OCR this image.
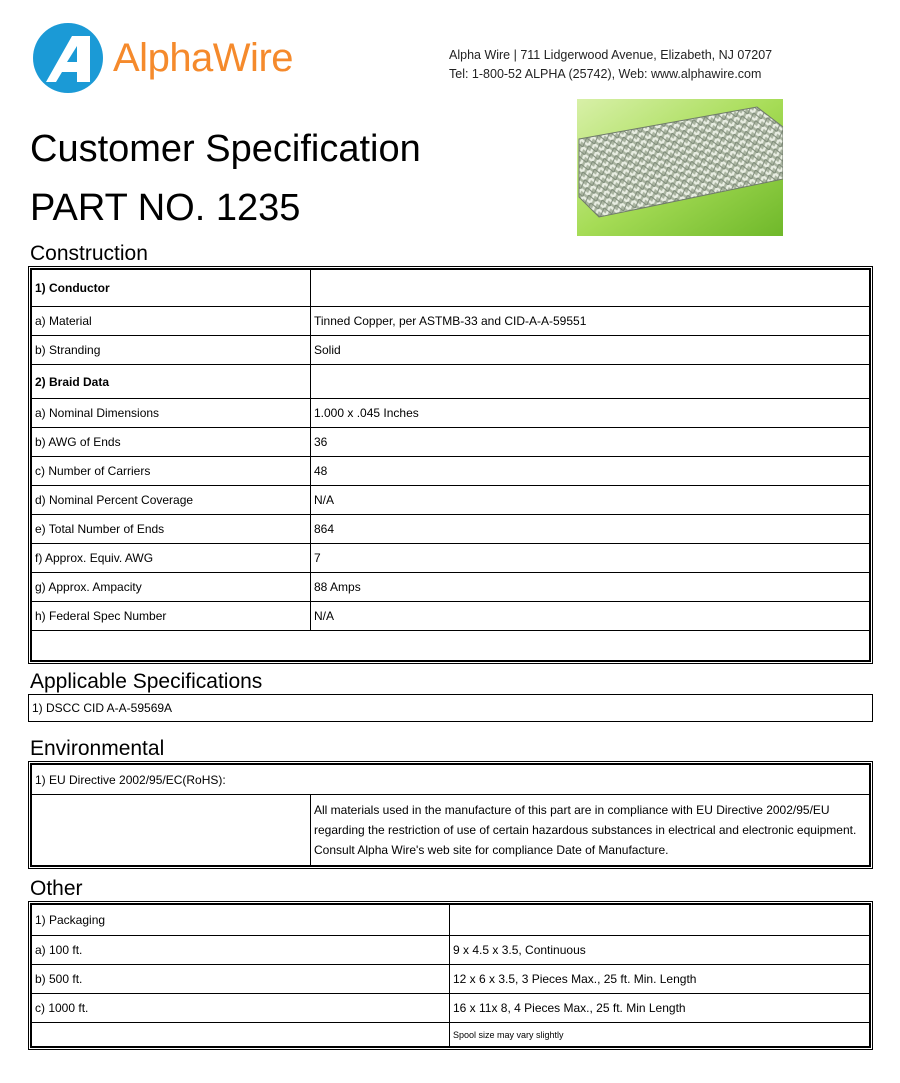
AlphaWire	Alpha Wire | 711 Lidgerwood Avenue, Elizabeth, NJ 07207
Tel: 1-800-52 ALPHA (25742), Web: www.alphawire.com
Customer Specification
PART NO. 1235
Construction
1) Conductor	
a) Material	Tinned Copper, per ASTMB-33 and CID-A-A-59551
b) Stranding	Solid
2) Braid Data	
a) Nominal Dimensions	1.000 x .045 Inches
b) AWG of Ends	36
c) Number of Carriers	48
d) Nominal Percent Coverage	N/A
e) Total Number of Ends	864
f) Approx. Equiv. AWG	7
g) Approx. Ampacity	88 Amps
h) Federal Spec Number	N/A

Applicable Specifications
1) DSCC CID A-A-59569A
Environmental
1) EU Directive 2002/95/EC(RoHS):
	All materials used in the manufacture of this part are in compliance with EU Directive 2002/95/EU regarding the restriction of use of certain hazardous substances in electrical and electronic equipment. Consult Alpha Wire's web site for compliance Date of Manufacture.
Other
1) Packaging	
a) 100 ft.	9 x 4.5 x 3.5, Continuous
b) 500 ft.	12 x 6 x 3.5, 3 Pieces Max., 25 ft. Min. Length
c) 1000 ft.	16 x 11x 8, 4 Pieces Max., 25 ft. Min Length
	Spool size may vary slightly
